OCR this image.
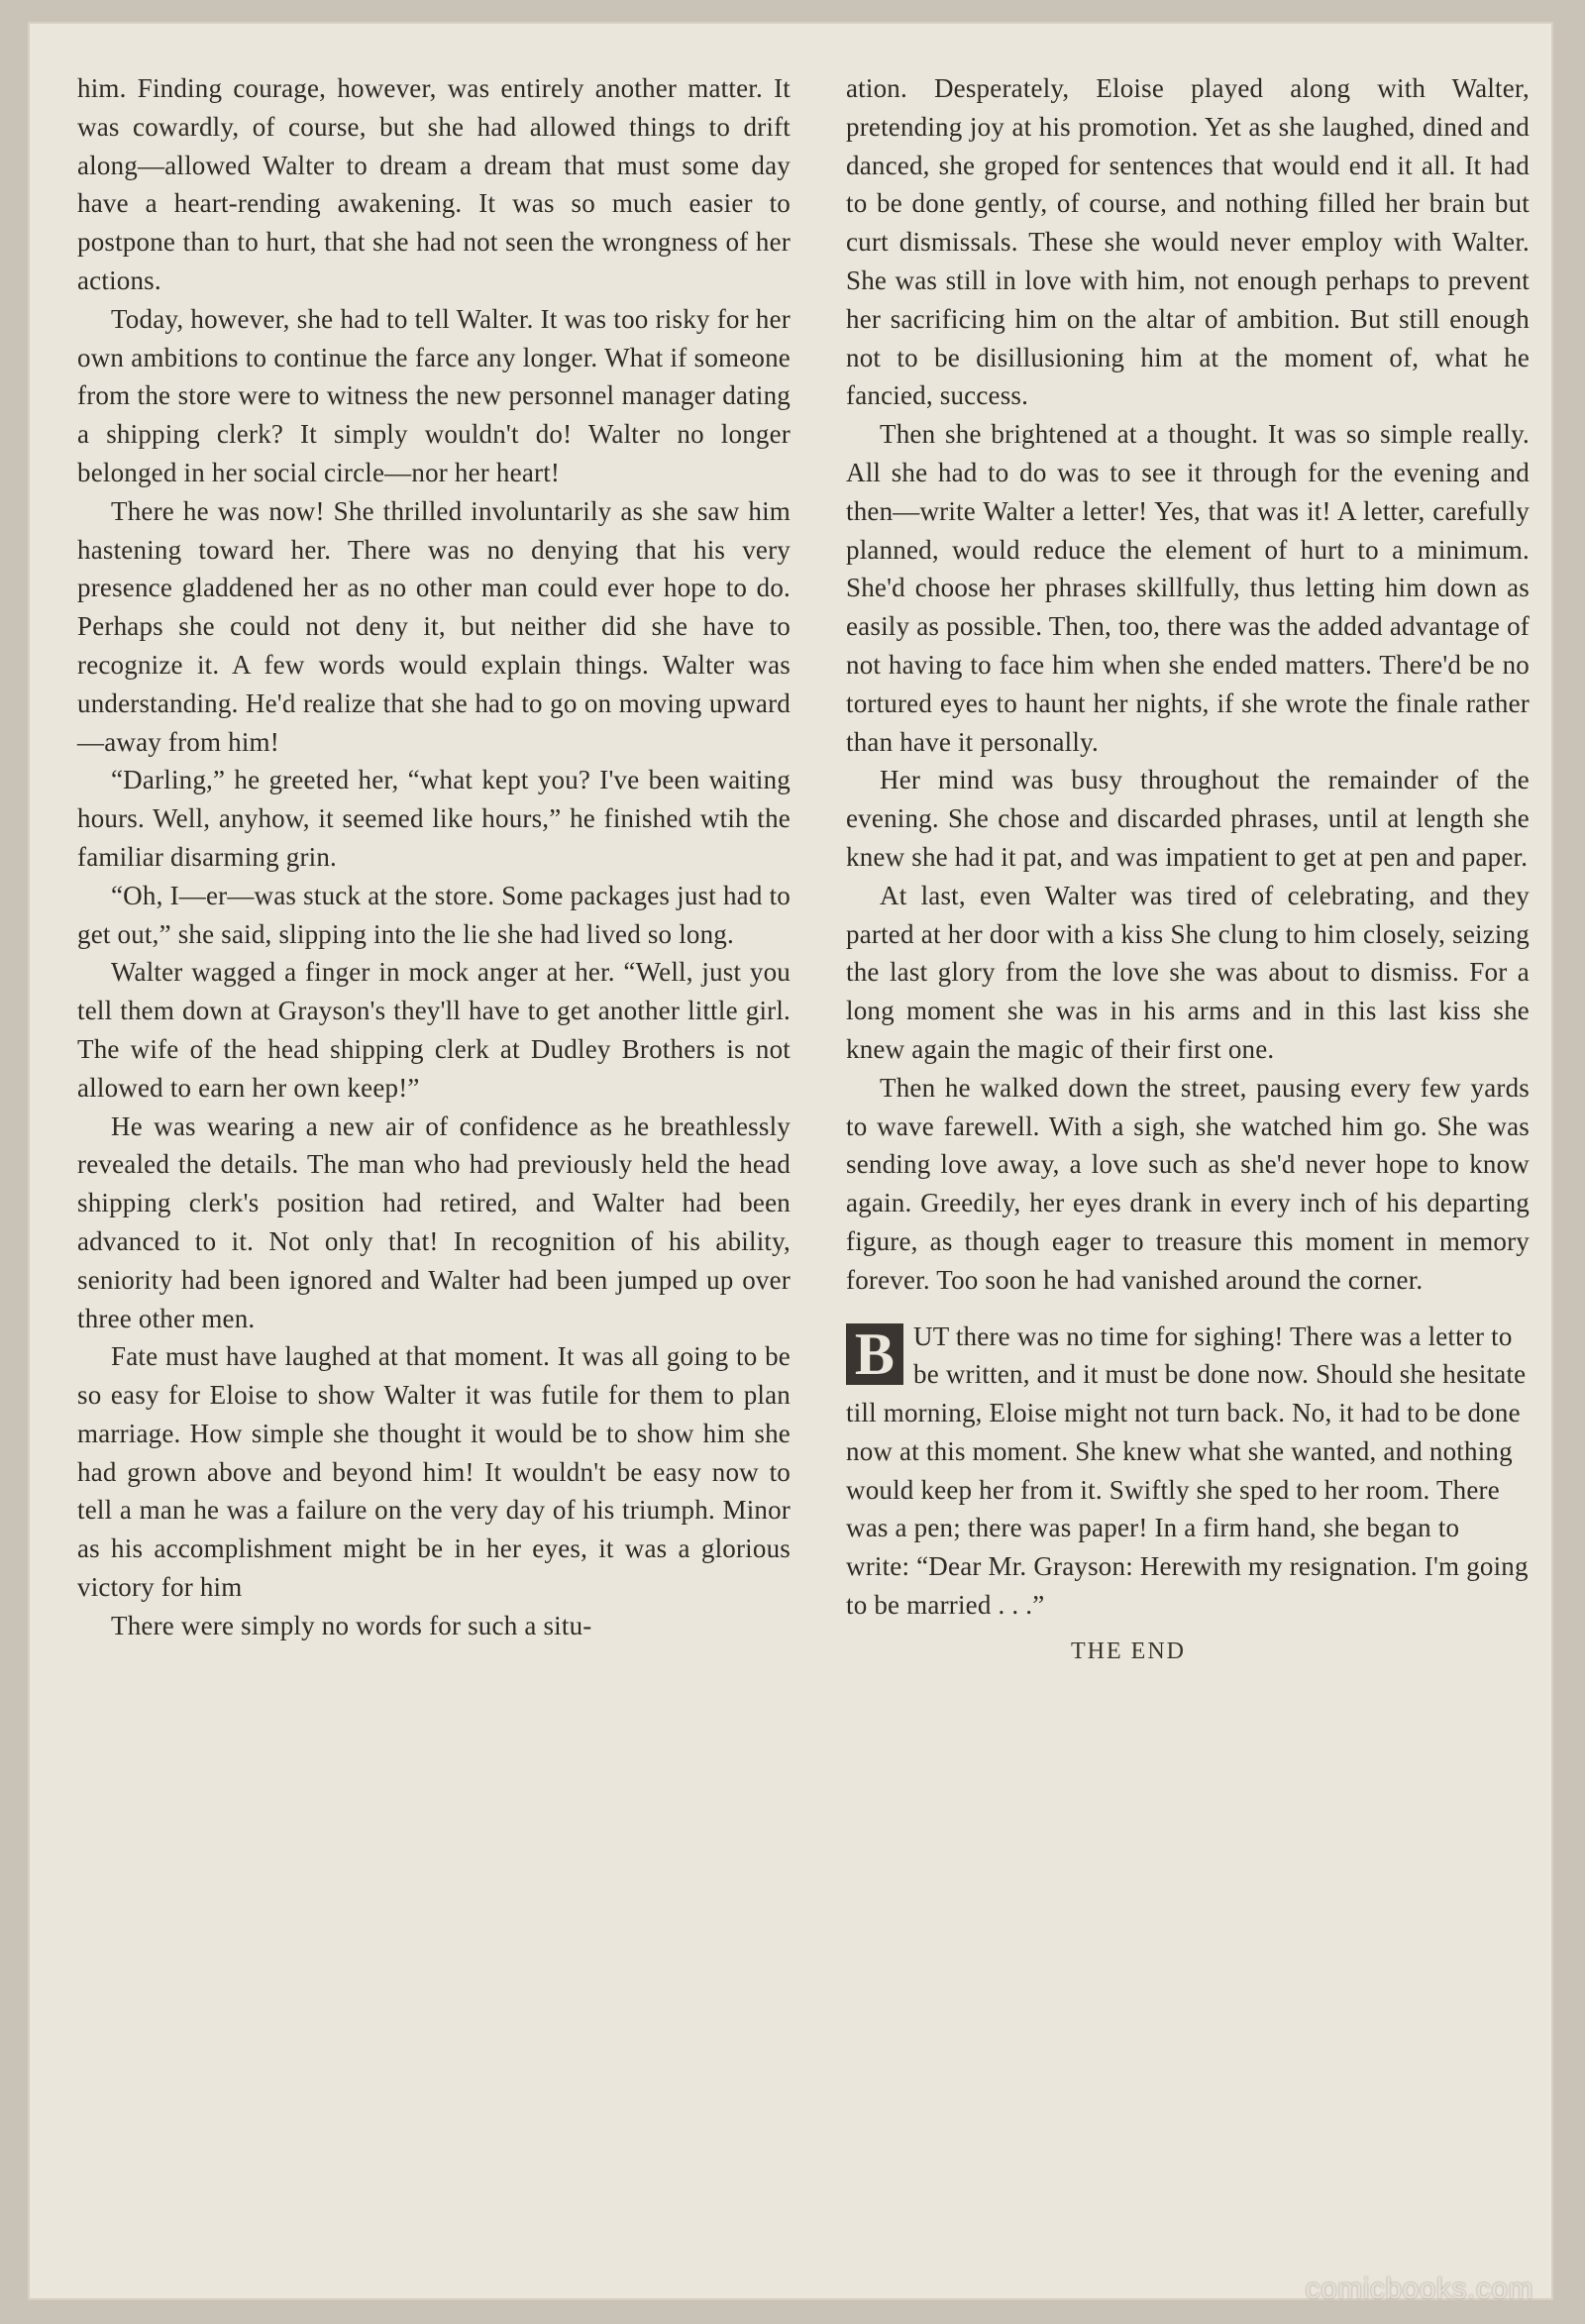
him. Finding courage, however, was entirely another matter. It was cowardly, of course, but she had allowed things to drift along—allowed Walter to dream a dream that must some day have a heart-rending awakening. It was so much easier to postpone than to hurt, that she had not seen the wrongness of her actions.

Today, however, she had to tell Walter. It was too risky for her own ambitions to continue the farce any longer. What if someone from the store were to witness the new personnel manager dating a shipping clerk? It simply wouldn't do! Walter no longer belonged in her social circle—nor her heart!

There he was now! She thrilled involuntarily as she saw him hastening toward her. There was no denying that his very presence gladdened her as no other man could ever hope to do. Perhaps she could not deny it, but neither did she have to recognize it. A few words would explain things. Walter was understanding. He'd realize that she had to go on moving upward—away from him!

“Darling,” he greeted her, “what kept you? I've been waiting hours. Well, anyhow, it seemed like hours,” he finished wtih the familiar disarming grin.

“Oh, I—er—was stuck at the store. Some packages just had to get out,” she said, slipping into the lie she had lived so long.

Walter wagged a finger in mock anger at her. “Well, just you tell them down at Grayson's they'll have to get another little girl. The wife of the head shipping clerk at Dudley Brothers is not allowed to earn her own keep!”

He was wearing a new air of confidence as he breathlessly revealed the details. The man who had previously held the head shipping clerk's position had retired, and Walter had been advanced to it. Not only that! In recognition of his ability, seniority had been ignored and Walter had been jumped up over three other men.

Fate must have laughed at that moment. It was all going to be so easy for Eloise to show Walter it was futile for them to plan marriage. How simple she thought it would be to show him she had grown above and beyond him! It wouldn't be easy now to tell a man he was a failure on the very day of his triumph. Minor as his accomplishment might be in her eyes, it was a glorious victory for him

There were simply no words for such a situ-

ation. Desperately, Eloise played along with Walter, pretending joy at his promotion. Yet as she laughed, dined and danced, she groped for sentences that would end it all. It had to be done gently, of course, and nothing filled her brain but curt dismissals. These she would never employ with Walter. She was still in love with him, not enough perhaps to prevent her sacrificing him on the altar of ambition. But still enough not to be disillusioning him at the moment of, what he fancied, success.

Then she brightened at a thought. It was so simple really. All she had to do was to see it through for the evening and then—write Walter a letter! Yes, that was it! A letter, carefully planned, would reduce the element of hurt to a minimum. She'd choose her phrases skillfully, thus letting him down as easily as possible. Then, too, there was the added advantage of not having to face him when she ended matters. There'd be no tortured eyes to haunt her nights, if she wrote the finale rather than have it personally.

Her mind was busy throughout the remainder of the evening. She chose and discarded phrases, until at length she knew she had it pat, and was impatient to get at pen and paper.

At last, even Walter was tired of celebrating, and they parted at her door with a kiss She clung to him closely, seizing the last glory from the love she was about to dismiss. For a long moment she was in his arms and in this last kiss she knew again the magic of their first one.

Then he walked down the street, pausing every few yards to wave farewell. With a sigh, she watched him go. She was sending love away, a love such as she'd never hope to know again. Greedily, her eyes drank in every inch of his departing figure, as though eager to treasure this moment in memory forever. Too soon he had vanished around the corner.

B UT there was no time for sighing! There was a letter to be written, and it must be done now. Should she hesitate till morning, Eloise might not turn back. No, it had to be done now at this moment. She knew what she wanted, and nothing would keep her from it. Swiftly she sped to her room. There was a pen; there was paper! In a firm hand, she began to write: “Dear Mr. Grayson: Herewith my resignation. I'm going to be married . . .”
THE END
comicbooks.com
